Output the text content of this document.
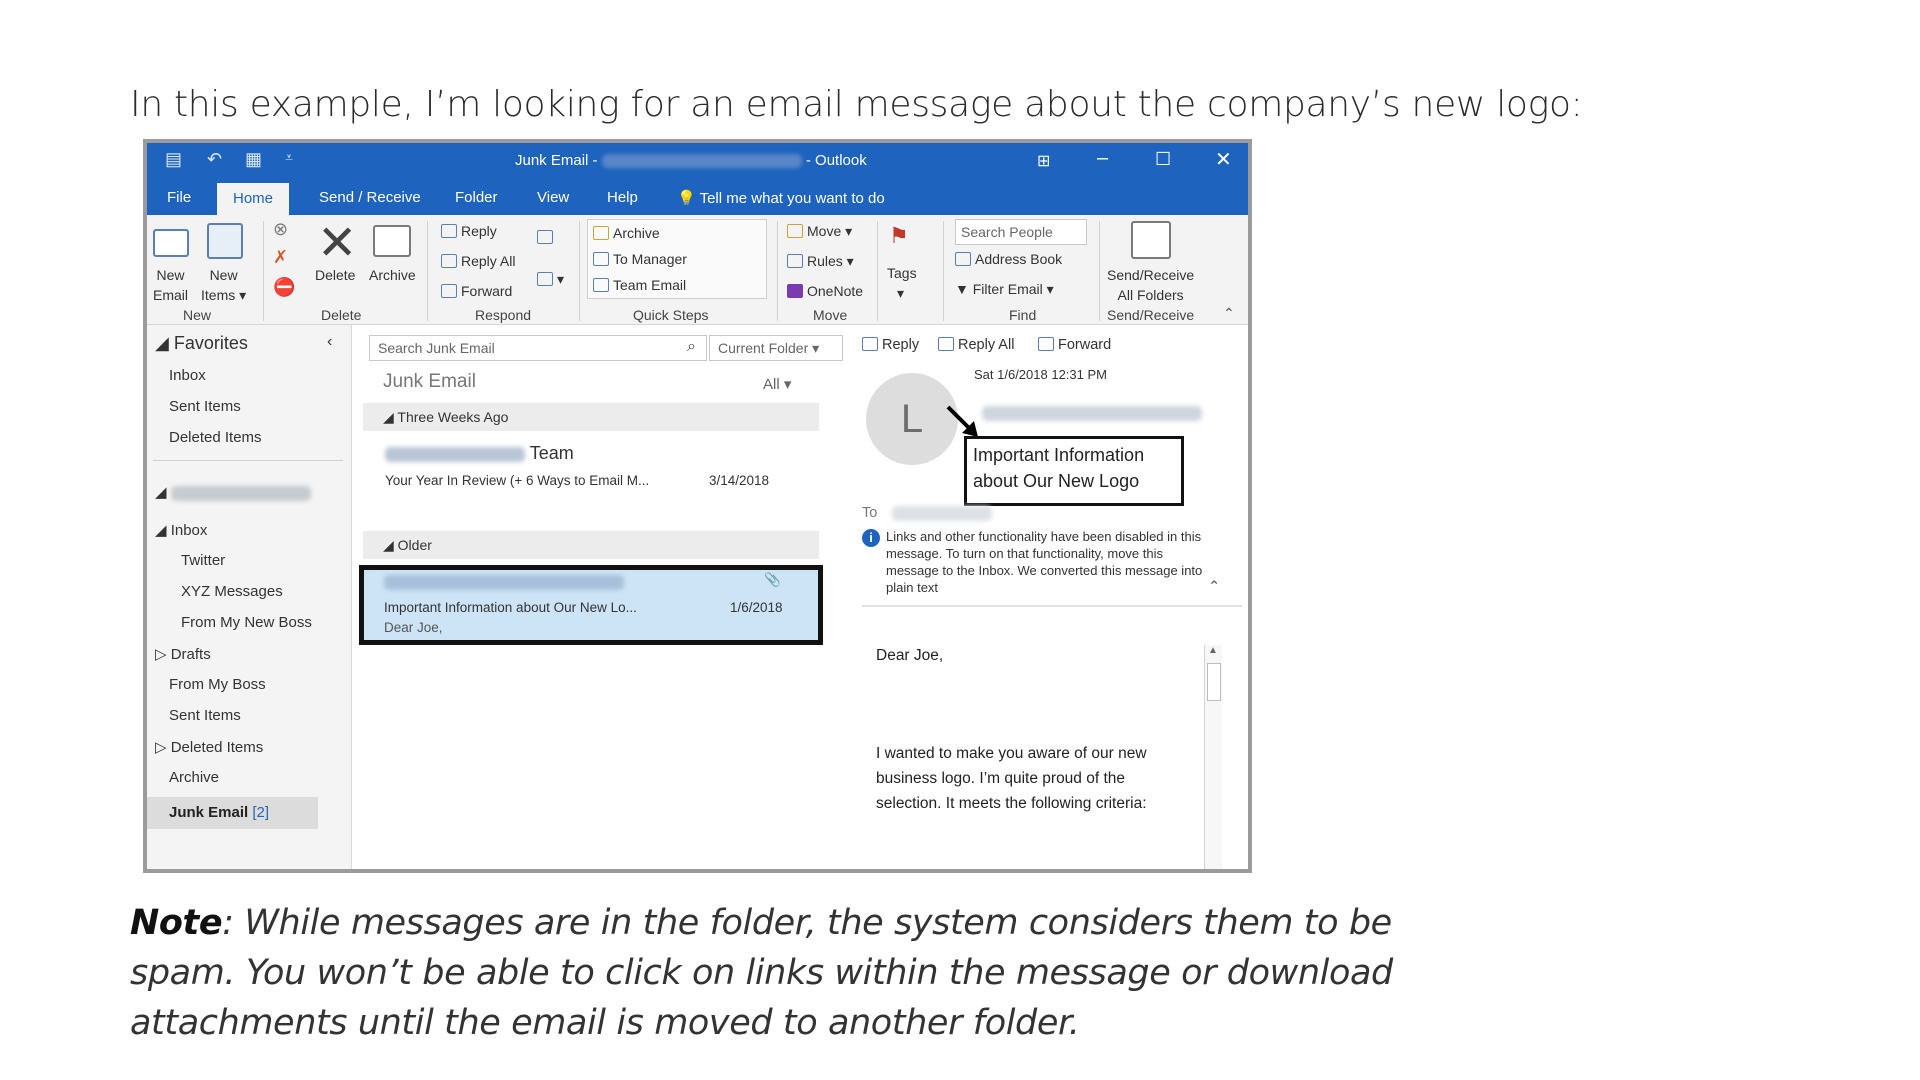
In this example, I’m looking for an email message about the company’s new logo:
▤ ↶ ▦ ⩡	Junk Email -	- Outlook	⊞ –	☐ ✕
File	Home	Send / Receive Folder	View	Help	💡 Tell me what you want to do
New
Email
New
Items ▾
⊗
✗
⛔
✕
Delete Archive
Reply
Reply All
Forward
▾
Archive
To Manager
Team Email
Move ▾
Rules ▾
OneNote
⚑
Tags
▾
Search People
Address Book
▼ Filter Email ▾
Send/Receive
All Folders
New	Delete	Respond	Quick Steps	Move	Find	Send/Receive ⌃
◢ Favorites	‹
Inbox
Sent Items
Deleted Items
◢
◢ Inbox
Twitter
XYZ Messages
From My New Boss
▷ Drafts
From My Boss
Sent Items
▷ Deleted Items
Archive
Junk Email [2]
Search Junk Email	⌕	Current Folder ▾
Junk Email	All ▾
◢ Three Weeks Ago
Team
Your Year In Review (+ 6 Ways to Email M...	3/14/2018
◢ Older
📎
Important Information about Our New Lo...	1/6/2018
Dear Joe,
Reply	Reply All	Forward
Sat 1/6/2018 12:31 PM
L
Important Information
about Our New Logo
To
i	Links and other functionality have been disabled in this message. To turn on that functionality, move this message to the Inbox. We converted this message into plain text	⌃
Dear Joe,
I wanted to make you aware of our new
business logo. I’m quite proud of the
selection. It meets the following criteria:
▲
Note: While messages are in the folder, the system considers them to be spam. You won’t be able to click on links within the message or download attachments until the email is moved to another folder.
